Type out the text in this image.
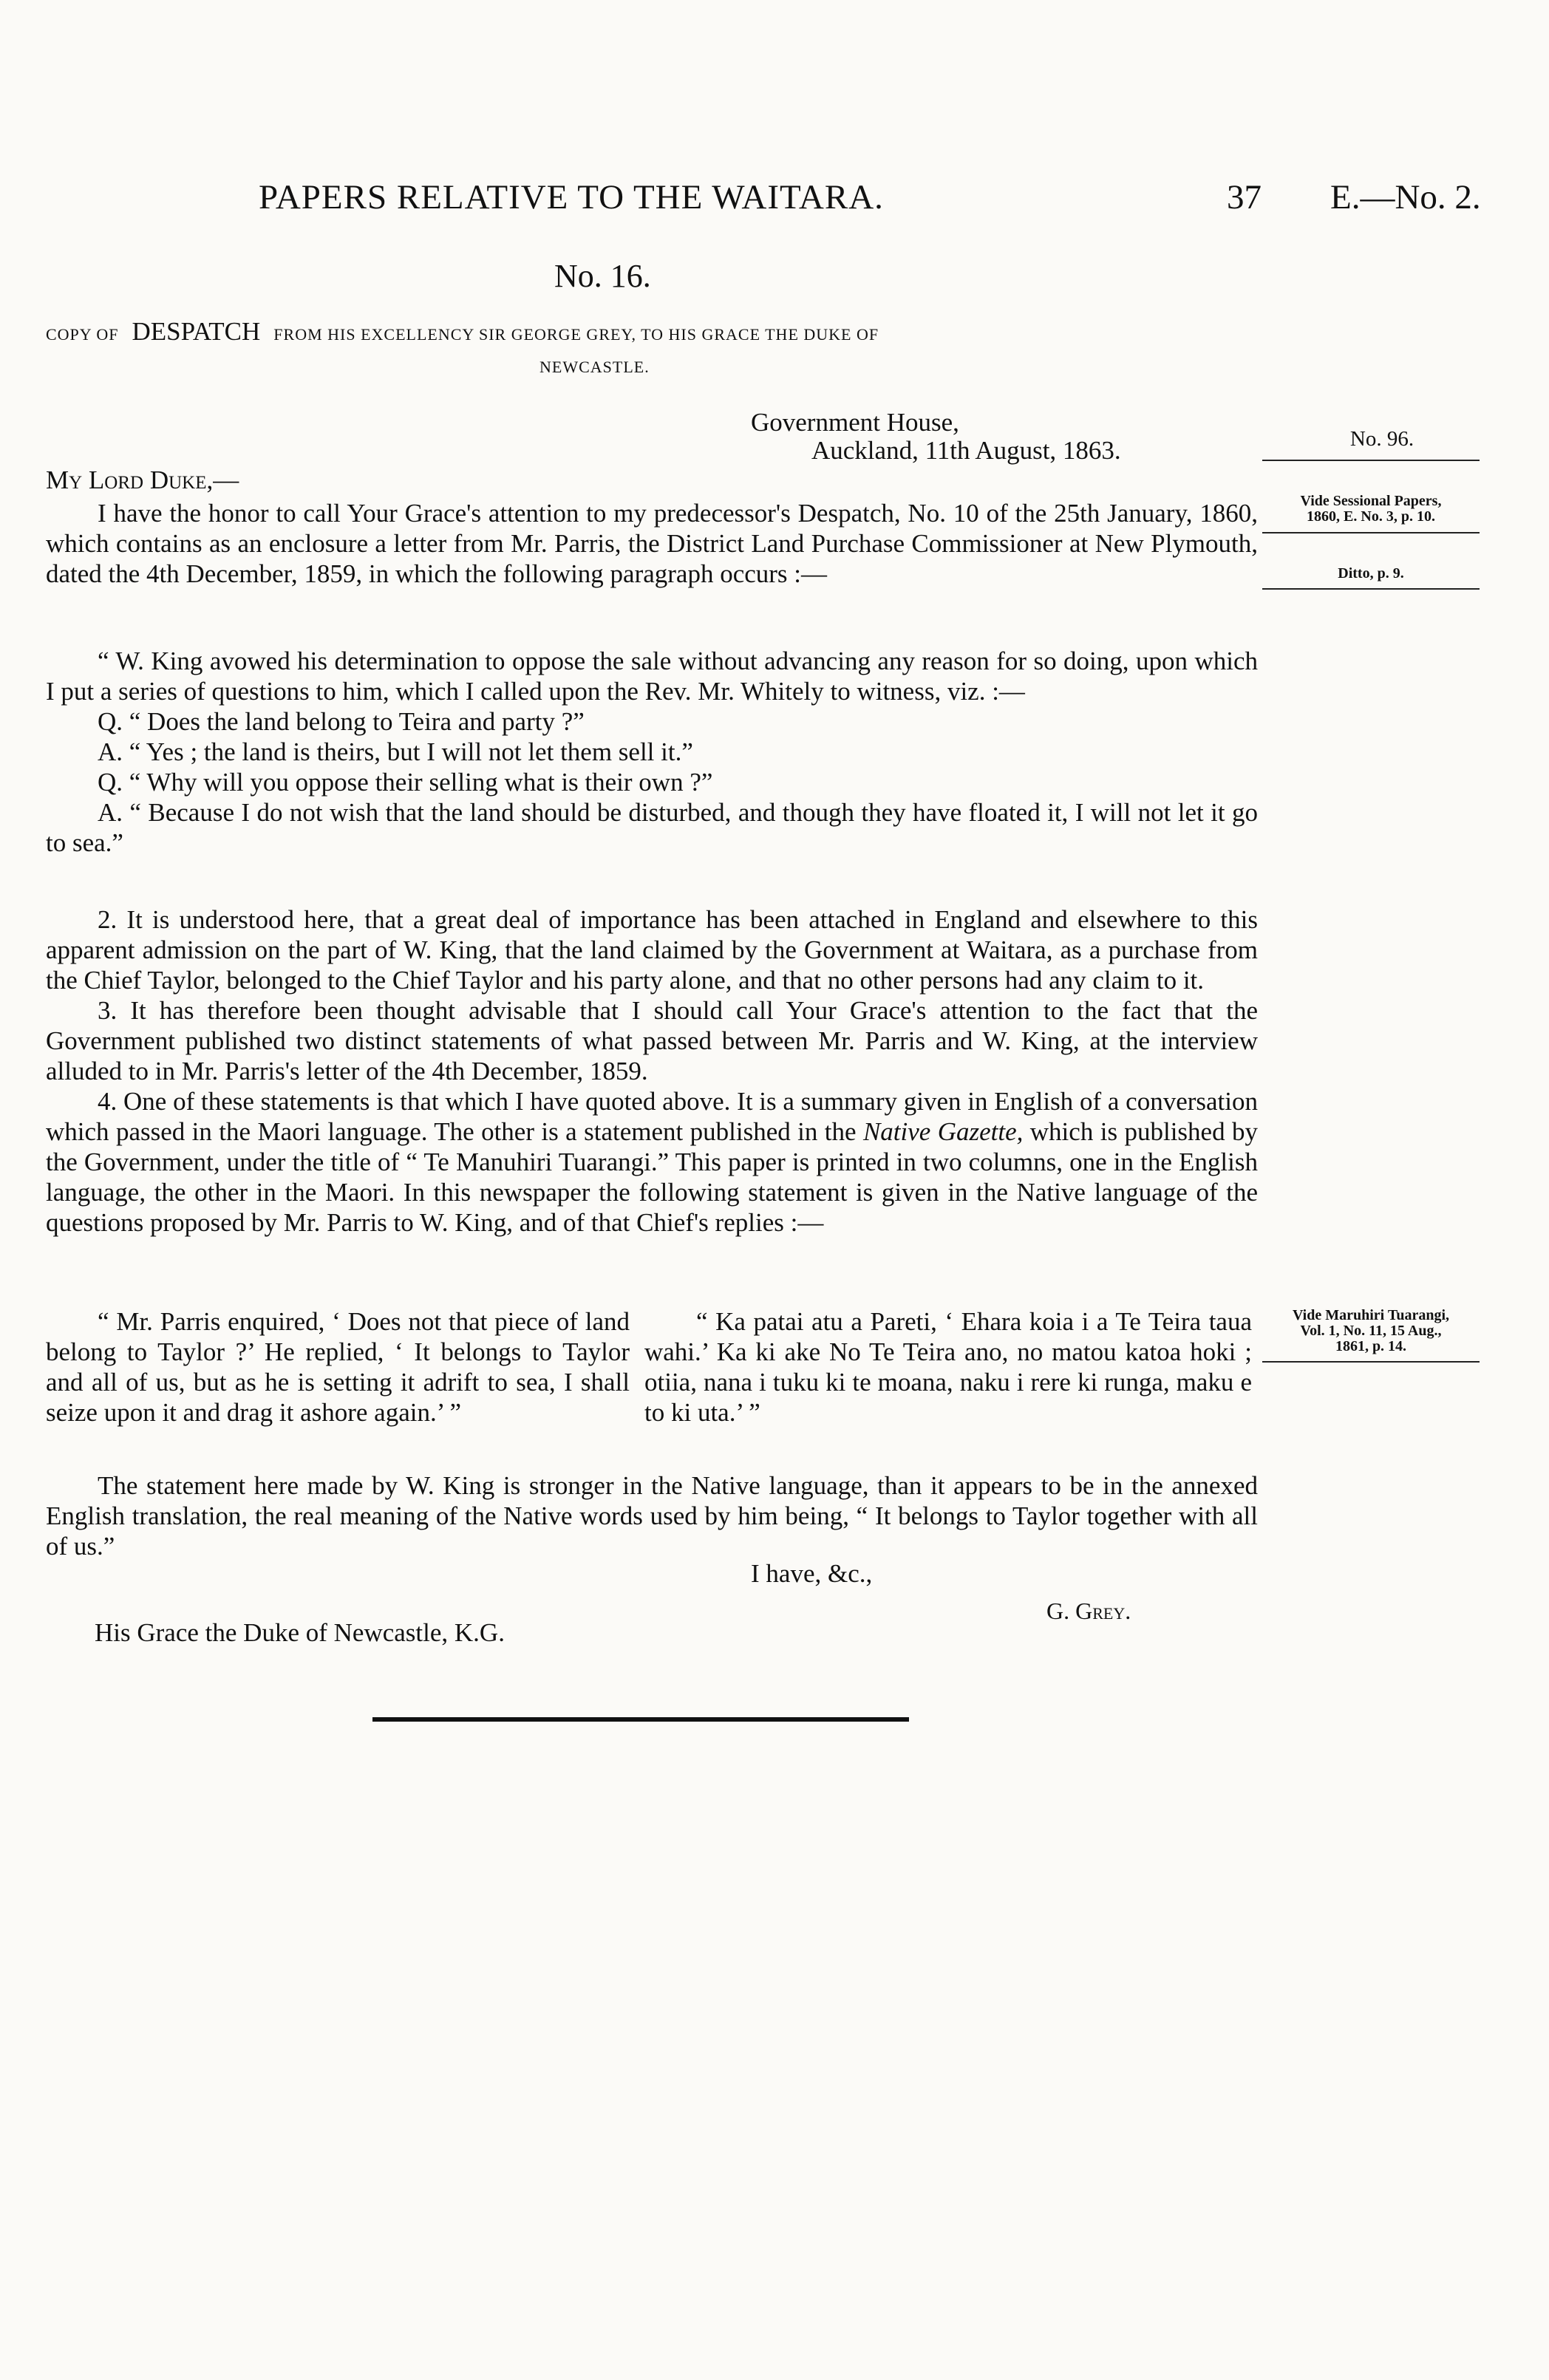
PAPERS RELATIVE TO THE WAITARA.	37 E.—No. 2.
No. 16.
COPY OF DESPATCH FROM HIS EXCELLENCY SIR GEORGE GREY, TO HIS GRACE THE DUKE OF
NEWCASTLE.
Government House,
Auckland, 11th August, 1863.	No. 96.
My Lord Duke,—
Vide Sessional Papers,
1860, E. No. 3, p. 10.
Ditto, p. 9.

I have the honor to call Your Grace's attention to my predecessor's Despatch, No. 10 of the 25th January, 1860, which contains as an enclosure a letter from Mr. Parris, the District Land Purchase Commissioner at New Plymouth, dated the 4th December, 1859, in which the following paragraph occurs :—

“ W. King avowed his determination to oppose the sale without advancing any reason for so doing, upon which I put a series of questions to him, which I called upon the Rev. Mr. Whitely to witness, viz. :—

Q. “ Does the land belong to Teira and party ?”

A. “ Yes ; the land is theirs, but I will not let them sell it.”

Q. “ Why will you oppose their selling what is their own ?”

A. “ Because I do not wish that the land should be disturbed, and though they have floated it, I will not let it go to sea.”

2. It is understood here, that a great deal of importance has been attached in England and elsewhere to this apparent admission on the part of W. King, that the land claimed by the Government at Waitara, as a purchase from the Chief Taylor, belonged to the Chief Taylor and his party alone, and that no other persons had any claim to it.

3. It has therefore been thought advisable that I should call Your Grace's attention to the fact that the Government published two distinct statements of what passed between Mr. Parris and W. King, at the interview alluded to in Mr. Parris's letter of the 4th December, 1859.

4. One of these statements is that which I have quoted above. It is a summary given in English of a conversation which passed in the Maori language. The other is a statement published in the Native Gazette, which is published by the Government, under the title of “ Te Manuhiri Tuarangi.” This paper is printed in two columns, one in the English language, the other in the Maori. In this newspaper the following statement is given in the Native language of the questions proposed by Mr. Parris to W. King, and of that Chief's replies :—

“ Mr. Parris enquired, ‘ Does not that piece of land belong to Taylor ?’ He replied, ‘ It belongs to Taylor and all of us, but as he is setting it adrift to sea, I shall seize upon it and drag it ashore again.’ ”

“ Ka patai atu a Pareti, ‘ Ehara koia i a Te Teira taua wahi.’ Ka ki ake No Te Teira ano, no matou katoa hoki ; otiia, nana i tuku ki te moana, naku i rere ki runga, maku e to ki uta.’ ”

Vide Maruhiri Tuarangi,
Vol. 1, No. 11, 15 Aug.,
1861, p. 14.

The statement here made by W. King is stronger in the Native language, than it appears to be in the annexed English translation, the real meaning of the Native words used by him being, “ It belongs to Taylor together with all of us.”

I have, &c.,
G. Grey.
His Grace the Duke of Newcastle, K.G.
